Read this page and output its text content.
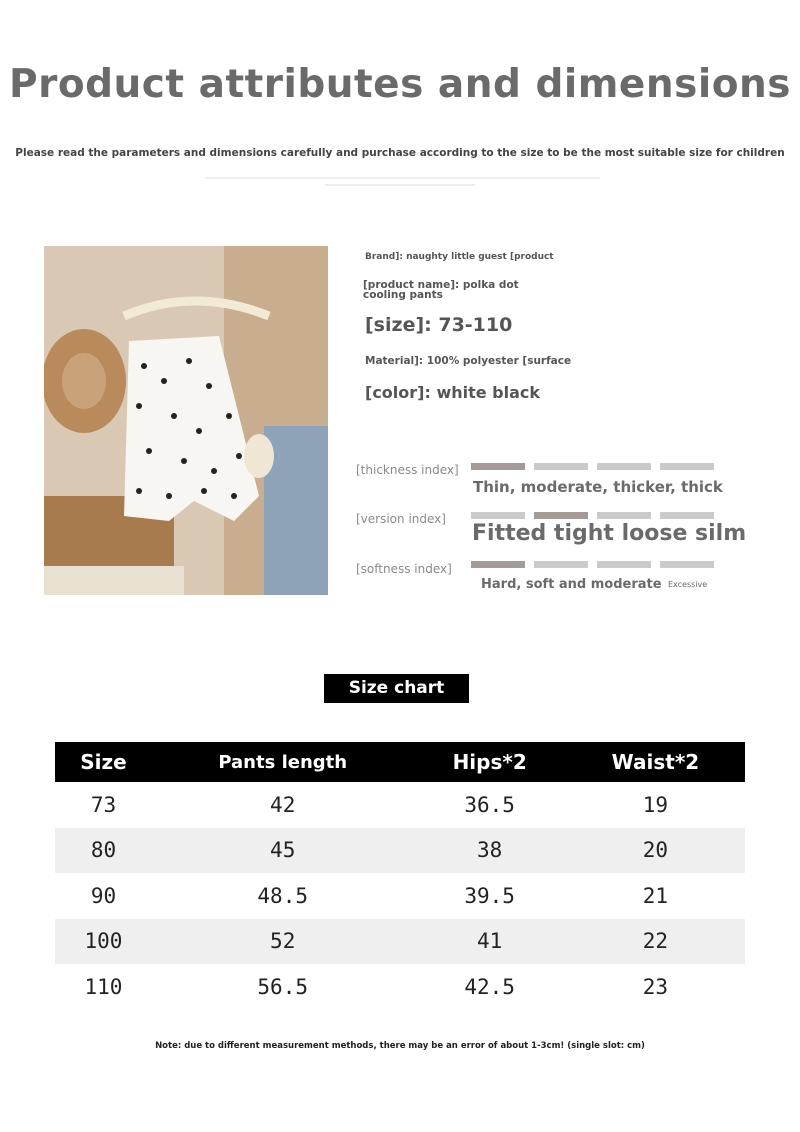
Product attributes and dimensions
Please read the parameters and dimensions carefully and purchase according to the size to be the most suitable size for children
Brand]: naughty little guest [product
[product name]: polka dot cooling pants
[size]: 73-110
Material]: 100% polyester [surface
[color]: white black
[thickness index]
[version index]
[softness index]
Thin, moderate, thicker, thick
Fitted tight loose silm
Hard, soft and moderate Excessive
Size chart
Size	Pants length	Hips*2	Waist*2
73	42	36.5	19
80	45	38	20
90	48.5	39.5	21
100	52	41	22
110	56.5	42.5	23
Note: due to different measurement methods, there may be an error of about 1-3cm! (single slot: cm)
